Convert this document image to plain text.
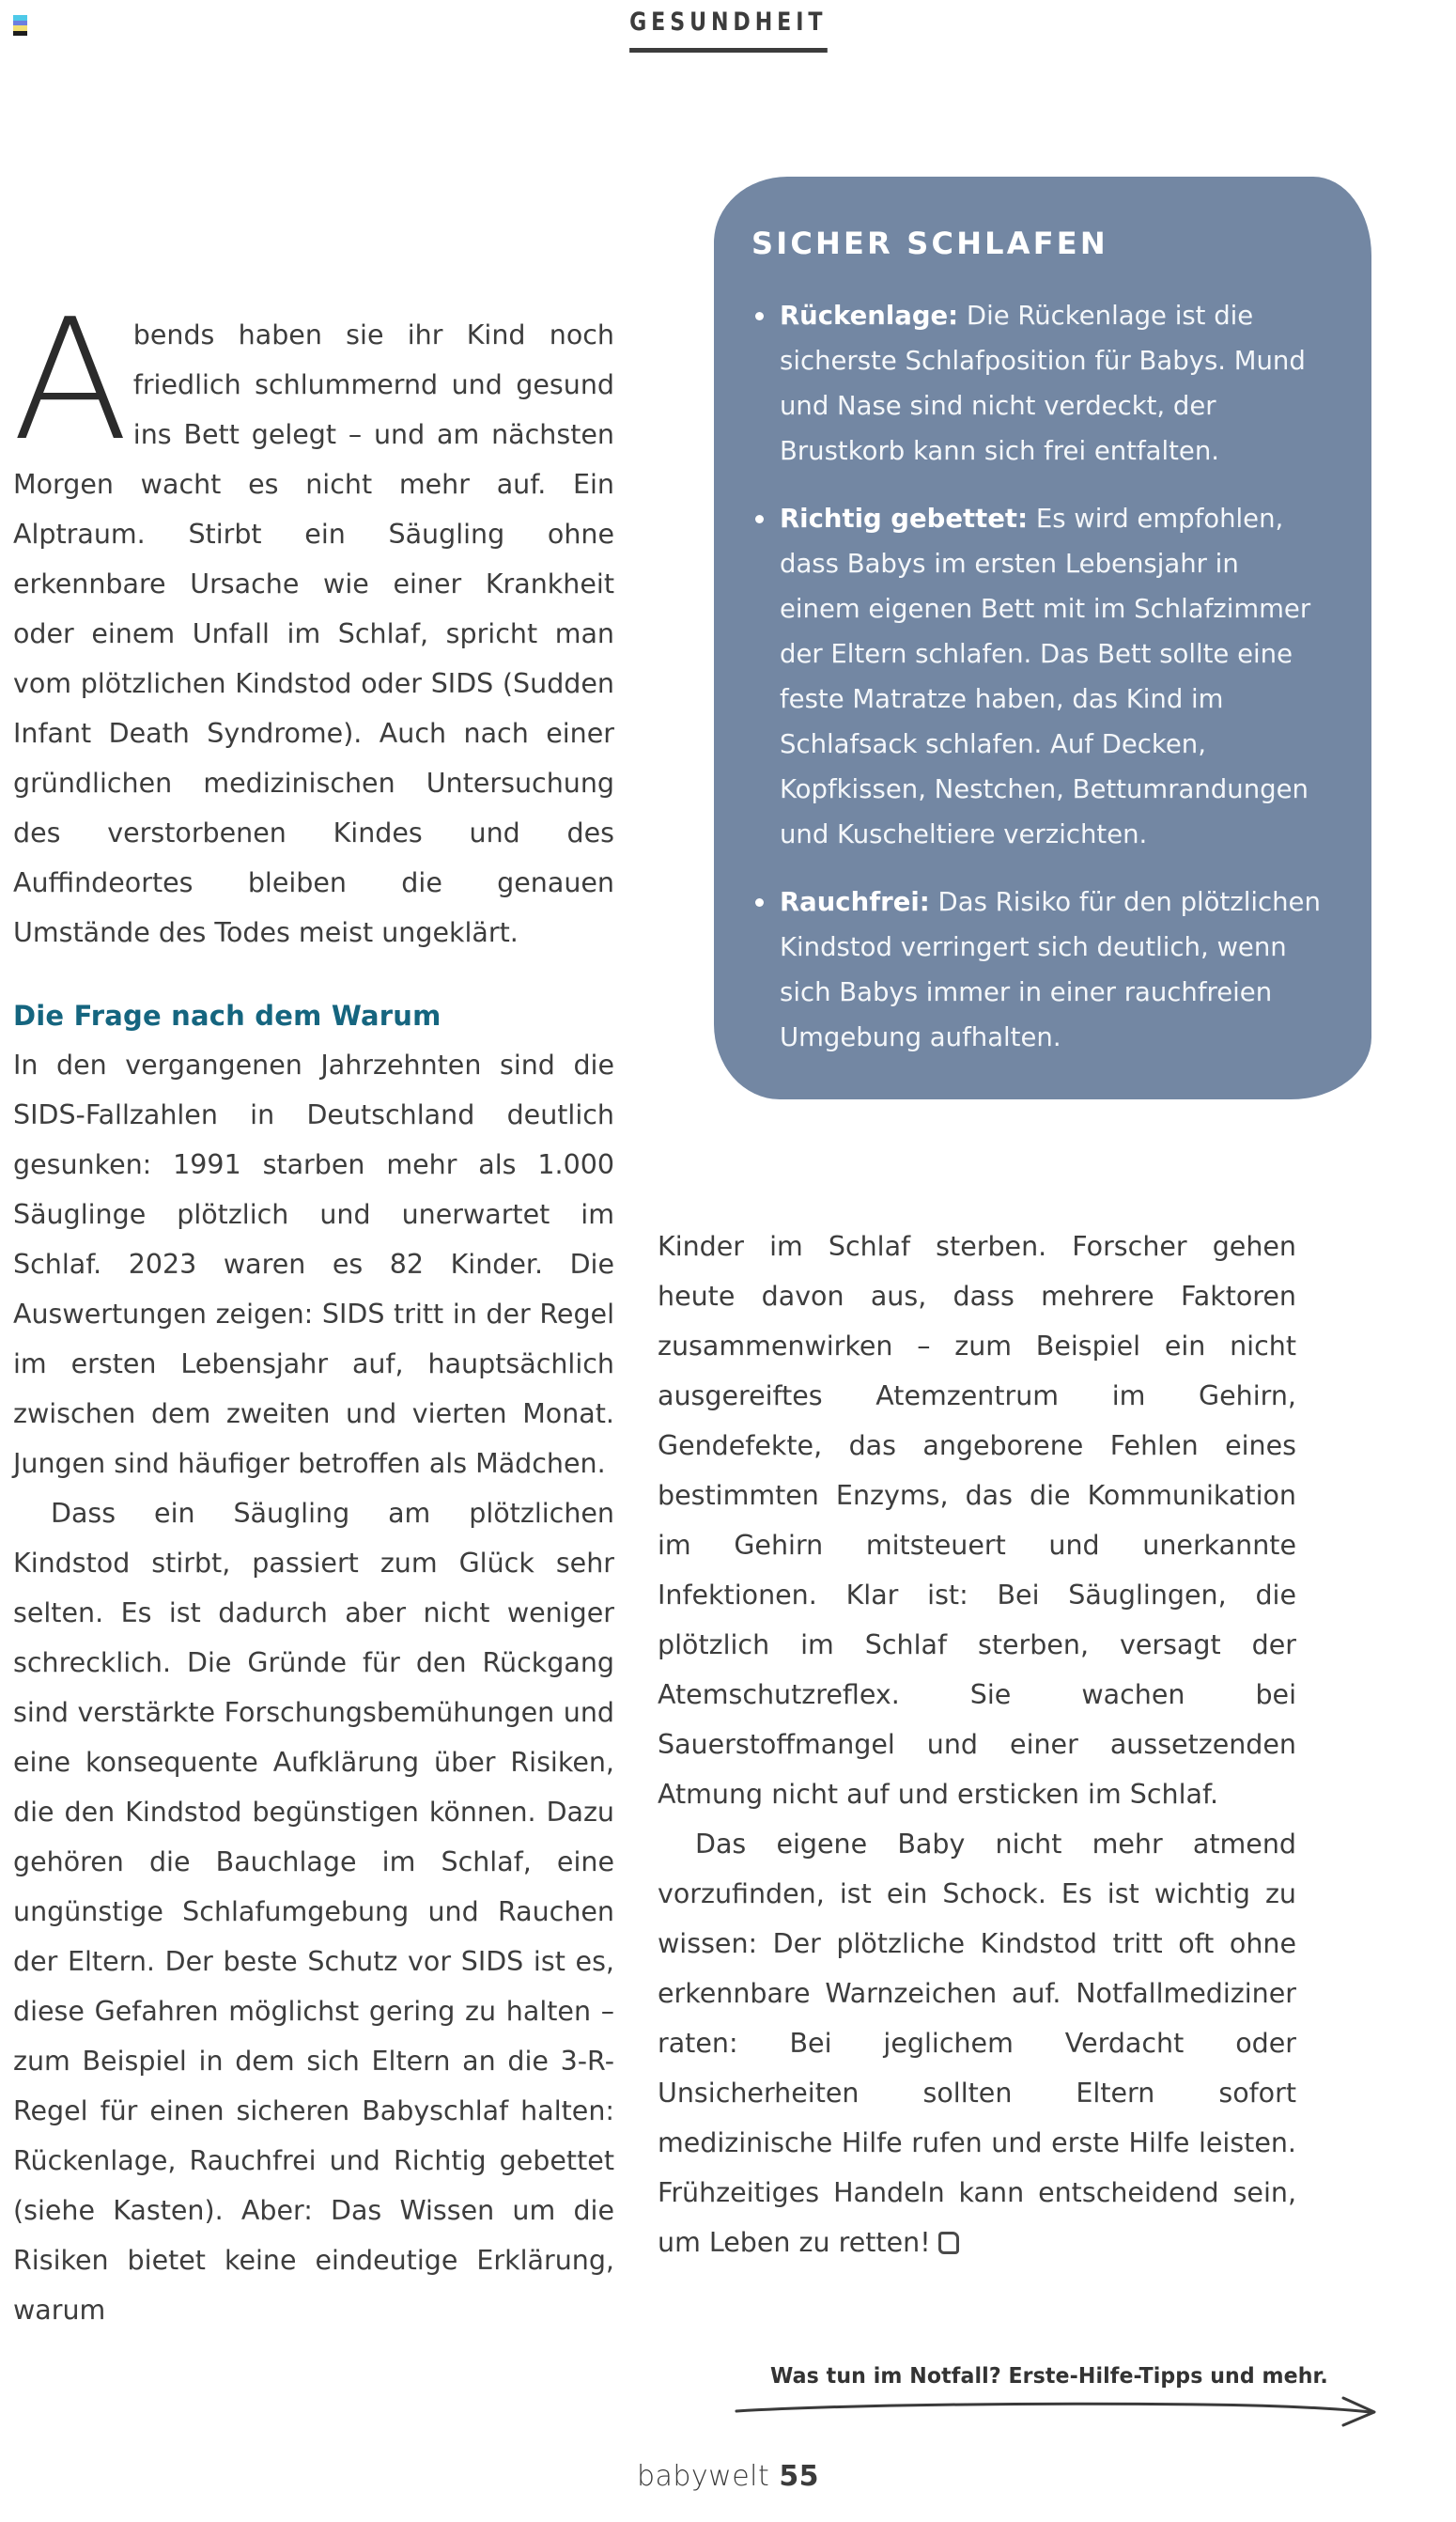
GESUNDHEIT
A bends haben sie ihr Kind noch friedlich schlummernd und gesund ins Bett gelegt – und am nächsten Morgen wacht es nicht mehr auf. Ein Alptraum. Stirbt ein Säugling ohne erkennbare Ursache wie einer Krankheit oder einem Unfall im Schlaf, spricht man vom plötzlichen Kindstod oder SIDS (Sudden Infant Death Syndrome). Auch nach einer gründlichen medizinischen Untersuchung des verstorbenen Kindes und des Auffindeortes bleiben die genauen Umstände des Todes meist ungeklärt.

Die Frage nach dem Warum

In den vergangenen Jahrzehnten sind die SIDS-Fallzahlen in Deutschland deutlich gesunken: 1991 starben mehr als 1.000 Säuglinge plötzlich und unerwartet im Schlaf. 2023 waren es 82 Kinder. Die Auswertungen zeigen: SIDS tritt in der Regel im ersten Lebensjahr auf, hauptsächlich zwischen dem zweiten und vierten Monat. Jungen sind häufiger betroffen als Mädchen.

Dass ein Säugling am plötzlichen Kindstod stirbt, passiert zum Glück sehr selten. Es ist dadurch aber nicht weniger schrecklich. Die Gründe für den Rückgang sind verstärkte Forschungsbemühungen und eine konsequente Aufklärung über Risiken, die den Kindstod begünstigen können. Dazu gehören die Bauchlage im Schlaf, eine ungünstige Schlafumgebung und Rauchen der Eltern. Der beste Schutz vor SIDS ist es, diese Gefahren möglichst gering zu halten – zum Beispiel in dem sich Eltern an die 3-R-Regel für einen sicheren Babyschlaf halten: Rückenlage, Rauchfrei und Richtig gebettet (siehe Kasten). Aber: Das Wissen um die Risiken bietet keine eindeutige Erklärung, warum

SICHER SCHLAFEN
Rückenlage: Die Rückenlage ist die sicherste Schlafposition für Babys. Mund und Nase sind nicht verdeckt, der Brustkorb kann sich frei entfalten.
Richtig gebettet: Es wird empfohlen, dass Babys im ersten Lebensjahr in einem eigenen Bett mit im Schlafzimmer der Eltern schlafen. Das Bett sollte eine feste Matratze haben, das Kind im Schlafsack schlafen. Auf Decken, Kopfkissen, Nestchen, Bettumrandungen und Kuscheltiere verzichten.
Rauchfrei: Das Risiko für den plötzlichen Kindstod verringert sich deutlich, wenn sich Babys immer in einer rauchfreien Umgebung aufhalten.

Kinder im Schlaf sterben. Forscher gehen heute davon aus, dass mehrere Faktoren zusammenwirken – zum Beispiel ein nicht ausgereiftes Atemzentrum im Gehirn, Gendefekte, das angeborene Fehlen eines bestimmten Enzyms, das die Kommunikation im Gehirn mitsteuert und unerkannte Infektionen. Klar ist: Bei Säuglingen, die plötzlich im Schlaf sterben, versagt der Atemschutzreflex. Sie wachen bei Sauerstoffmangel und einer aussetzenden Atmung nicht auf und ersticken im Schlaf.

Das eigene Baby nicht mehr atmend vorzufinden, ist ein Schock. Es ist wichtig zu wissen: Der plötzliche Kindstod tritt oft ohne erkennbare Warnzeichen auf. Notfallmediziner raten: Bei jeglichem Verdacht oder Unsicherheiten sollten Eltern sofort medizinische Hilfe rufen und erste Hilfe leisten. Frühzeitiges Handeln kann entscheidend sein, um Leben zu retten!

Was tun im Notfall? Erste-Hilfe-Tipps und mehr.
babywelt 55
